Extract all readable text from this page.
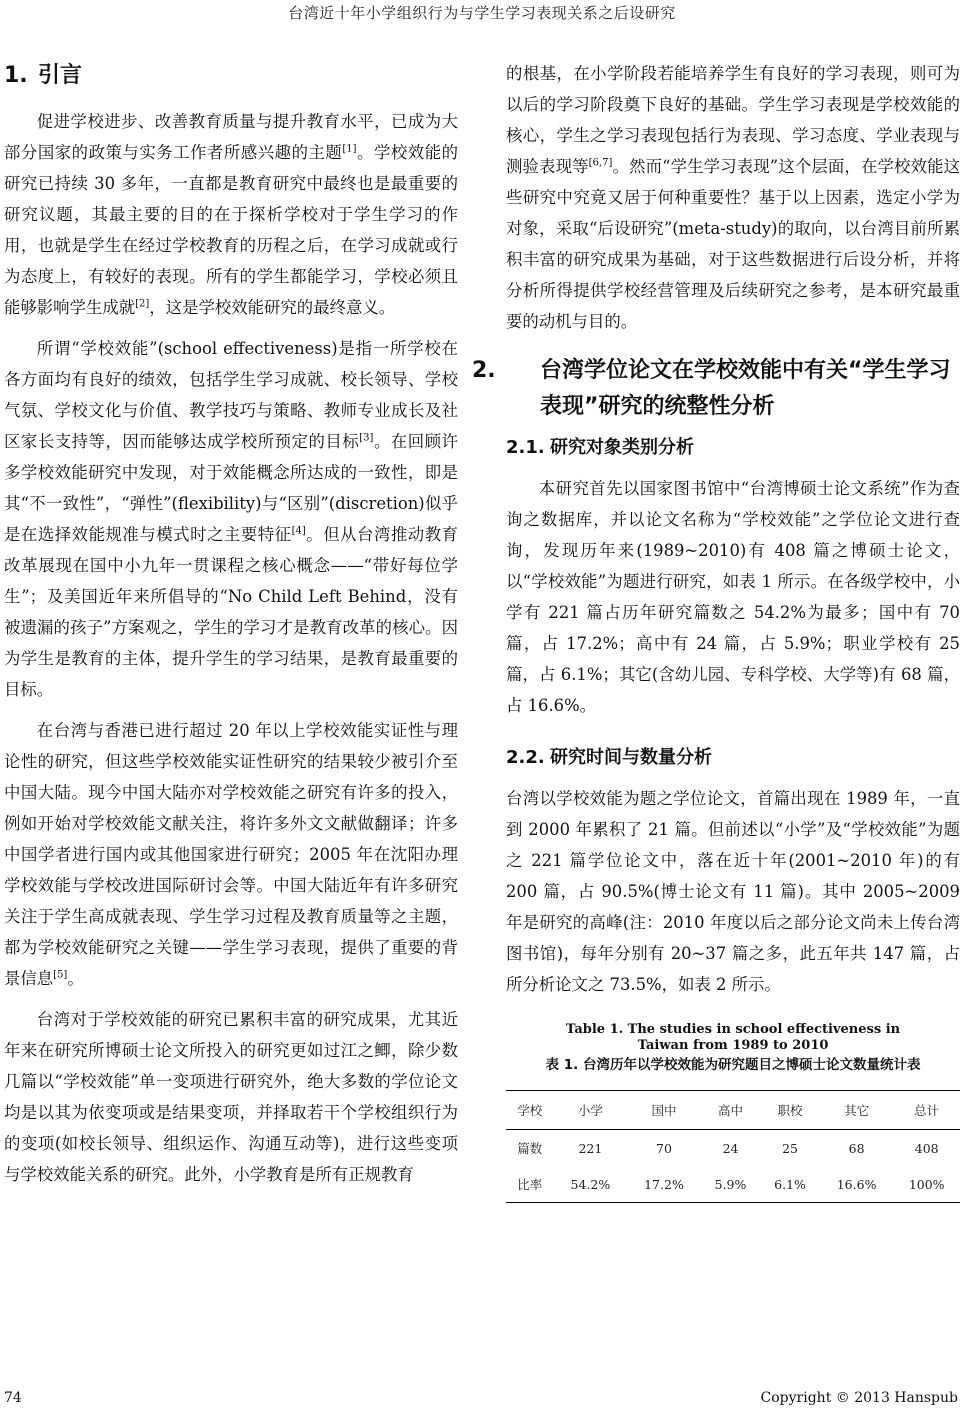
台湾近十年小学组织行为与学生学习表现关系之后设研究
1. 引言

促进学校进步、改善教育质量与提升教育水平，已成为大部分国家的政策与实务工作者所感兴趣的主题[1]。学校效能的研究已持续 30 多年，一直都是教育研究中最终也是最重要的研究议题，其最主要的目的在于探析学校对于学生学习的作用，也就是学生在经过学校教育的历程之后，在学习成就或行为态度上，有较好的表现。所有的学生都能学习，学校必须且能够影响学生成就[2]，这是学校效能研究的最终意义。

所谓“学校效能”(school effectiveness)是指一所学校在各方面均有良好的绩效，包括学生学习成就、校长领导、学校气氛、学校文化与价值、教学技巧与策略、教师专业成长及社区家长支持等，因而能够达成学校所预定的目标[3]。在回顾许多学校效能研究中发现，对于效能概念所达成的一致性，即是其“不一致性”，“弹性”(flexibility)与“区别”(discretion)似乎是在选择效能规准与模式时之主要特征[4]。但从台湾推动教育改革展现在国中小九年一贯课程之核心概念——“带好每位学生”；及美国近年来所倡导的“No Child Left Behind，没有被遗漏的孩子”方案观之，学生的学习才是教育改革的核心。因为学生是教育的主体，提升学生的学习结果，是教育最重要的目标。

在台湾与香港已进行超过 20 年以上学校效能实证性与理论性的研究，但这些学校效能实证性研究的结果较少被引介至中国大陆。现今中国大陆亦对学校效能之研究有许多的投入，例如开始对学校效能文献关注，将许多外文文献做翻译；许多中国学者进行国内或其他国家进行研究；2005 年在沈阳办理学校效能与学校改进国际研讨会等。中国大陆近年有许多研究关注于学生高成就表现、学生学习过程及教育质量等之主题，都为学校效能研究之关键——学生学习表现，提供了重要的背景信息[5]。

台湾对于学校效能的研究已累积丰富的研究成果，尤其近年来在研究所博硕士论文所投入的研究更如过江之鲫，除少数几篇以“学校效能”单一变项进行研究外，绝大多数的学位论文均是以其为依变项或是结果变项，并择取若干个学校组织行为的变项(如校长领导、组织运作、沟通互动等)，进行这些变项与学校效能关系的研究。此外，小学教育是所有正规教育

的根基，在小学阶段若能培养学生有良好的学习表现，则可为以后的学习阶段奠下良好的基础。学生学习表现是学校效能的核心，学生之学习表现包括行为表现、学习态度、学业表现与测验表现等[6,7]。然而“学生学习表现”这个层面，在学校效能这些研究中究竟又居于何种重要性？基于以上因素，选定小学为对象，采取“后设研究”(meta-study)的取向，以台湾目前所累积丰富的研究成果为基础，对于这些数据进行后设分析，并将分析所得提供学校经营管理及后续研究之参考，是本研究最重要的动机与目的。

2. 台湾学位论文在学校效能中有关“学生学习表现”研究的统整性分析
2.1. 研究对象类别分析

本研究首先以国家图书馆中“台湾博硕士论文系统”作为查询之数据库，并以论文名称为“学校效能”之学位论文进行查询，发现历年来(1989~2010)有 408 篇之博硕士论文，以“学校效能”为题进行研究，如表 1 所示。在各级学校中，小学有 221 篇占历年研究篇数之 54.2%为最多；国中有 70 篇，占 17.2%；高中有 24 篇，占 5.9%；职业学校有 25 篇，占 6.1%；其它(含幼儿园、专科学校、大学等)有 68 篇，占 16.6%。

2.2. 研究时间与数量分析

台湾以学校效能为题之学位论文，首篇出现在 1989 年，一直到 2000 年累积了 21 篇。但前述以“小学”及“学校效能”为题之 221 篇学位论文中，落在近十年(2001~2010 年)的有 200 篇，占 90.5%(博士论文有 11 篇)。其中 2005~2009 年是研究的高峰(注：2010 年度以后之部分论文尚未上传台湾图书馆)，每年分别有 20~37 篇之多，此五年共 147 篇，占所分析论文之 73.5%，如表 2 所示。

Table 1. The studies in school effectiveness in
Taiwan from 1989 to 2010
表 1. 台湾历年以学校效能为研究题目之博硕士论文数量统计表
学校	小学	国中	高中	职校	其它	总计
篇数	221	70	24	25	68	408
比率	54.2%	17.2%	5.9%	6.1%	16.6%	100%
74	Copyright © 2013 Hanspub
